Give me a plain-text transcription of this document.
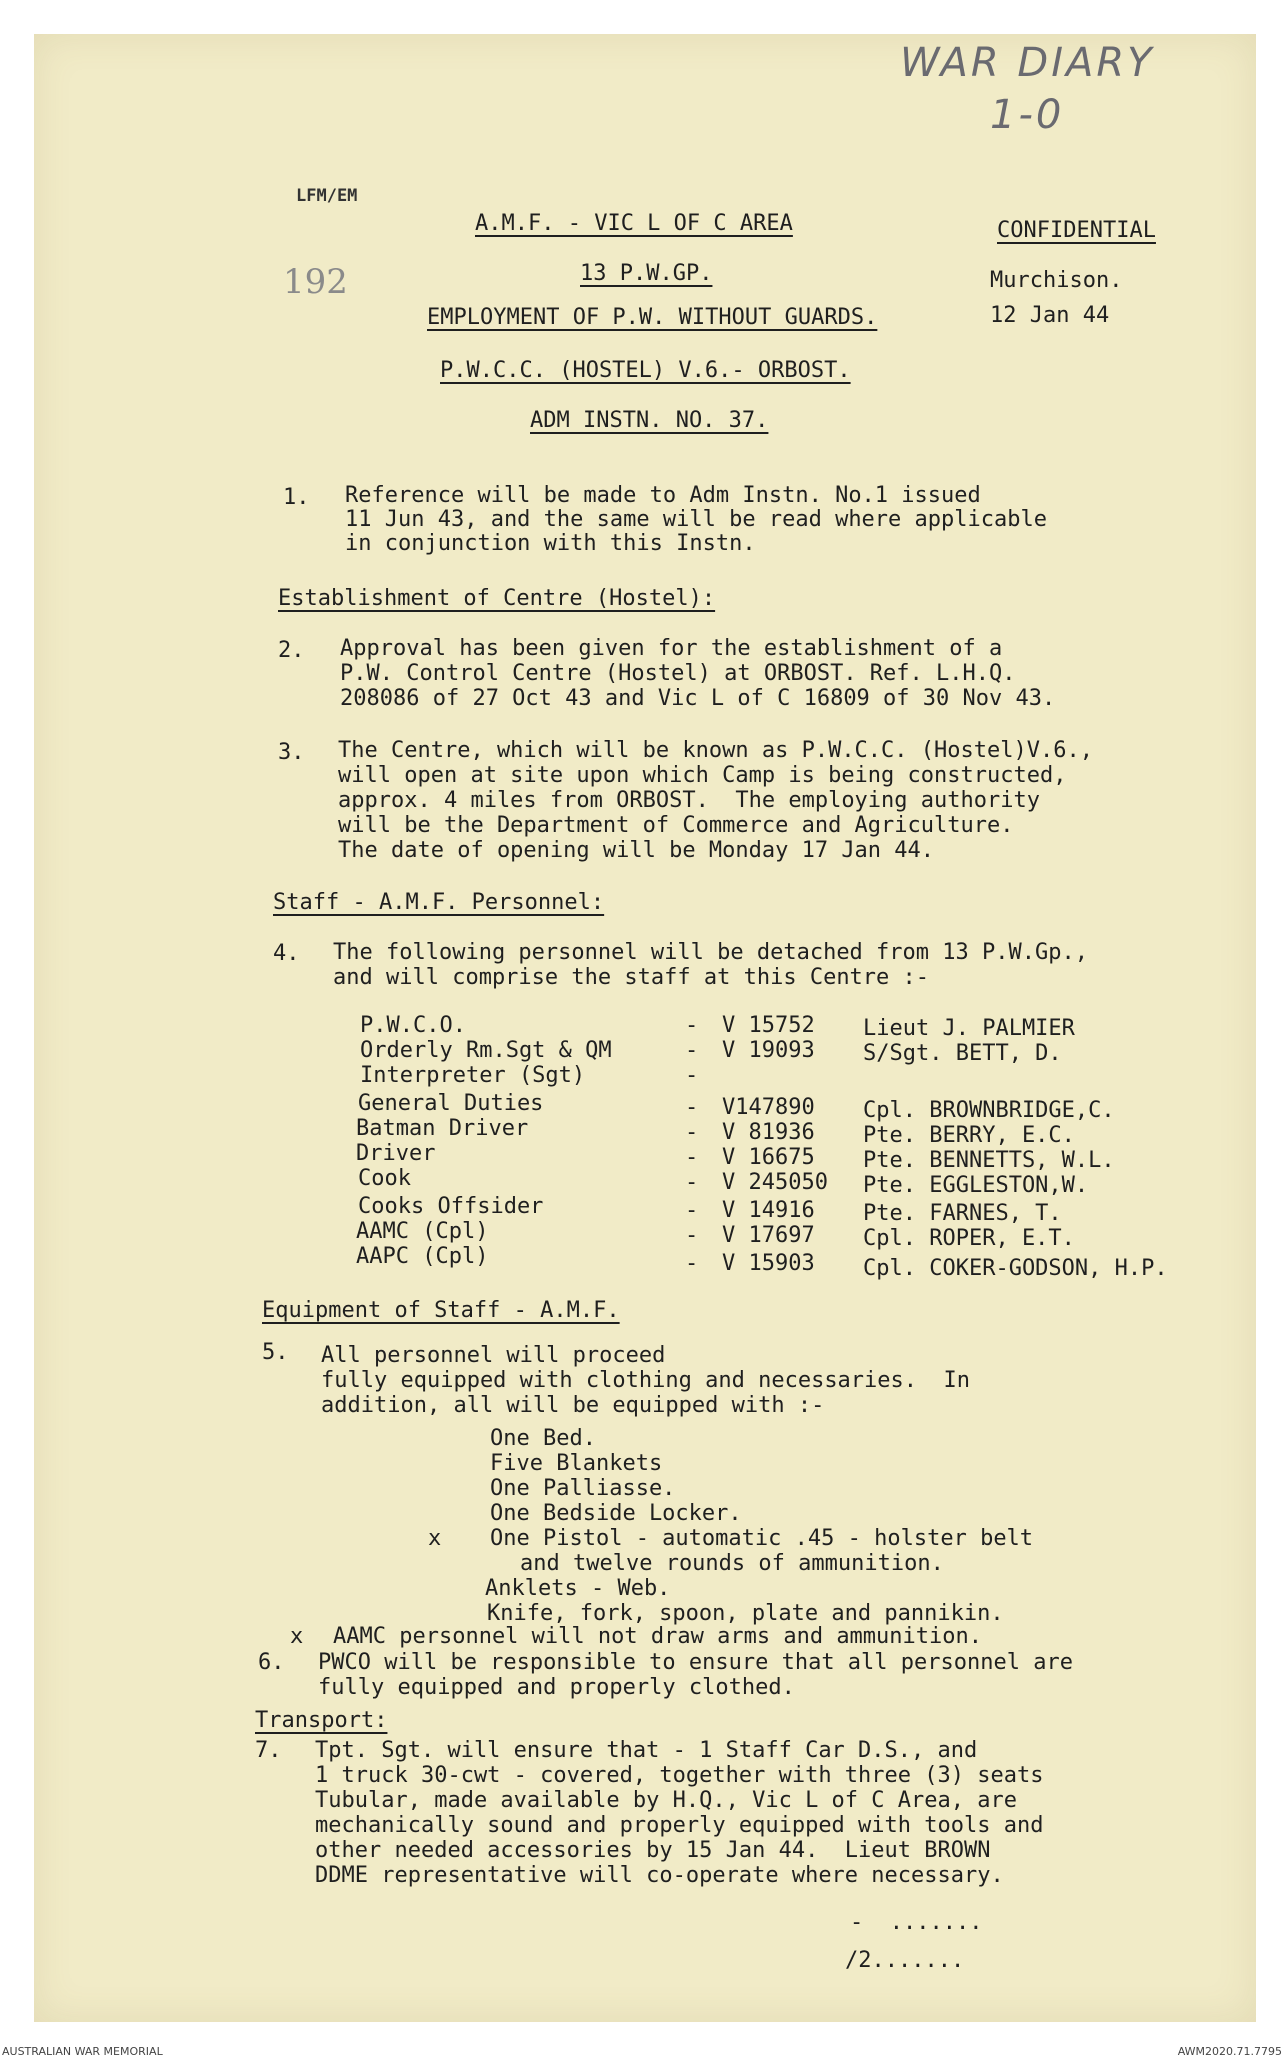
WAR DIARY
1-0
192
LFM/EM
A.M.F. - VIC L OF C AREA
13 P.W.GP.
EMPLOYMENT OF P.W. WITHOUT GUARDS.
P.W.C.C. (HOSTEL) V.6.- ORBOST.
ADM INSTN. NO. 37.
CONFIDENTIAL
Murchison.
12 Jan 44
1. Reference will be made to Adm Instn. No.1 issued
11 Jun 43, and the same will be read where applicable
in conjunction with this Instn.
Establishment of Centre (Hostel):
2. Approval has been given for the establishment of a
P.W. Control Centre (Hostel) at ORBOST. Ref. L.H.Q.
208086 of 27 Oct 43 and Vic L of C 16809 of 30 Nov 43.
3. The Centre, which will be known as P.W.C.C. (Hostel)V.6.,
will open at site upon which Camp is being constructed,
approx. 4 miles from ORBOST.  The employing authority
will be the Department of Commerce and Agriculture.
The date of opening will be Monday 17 Jan 44.
Staff - A.M.F. Personnel:
4. The following personnel will be detached from 13 P.W.Gp.,
and will comprise the staff at this Centre :-
P.W.C.O.	- V 15752 Lieut J. PALMIER
Orderly Rm.Sgt & QM	- V 19093 S/Sgt. BETT, D.
Interpreter (Sgt)	-
General Duties	- V147890 Cpl. BROWNBRIDGE,C.
Batman Driver	- V 81936 Pte. BERRY, E.C.
Driver	- V 16675 Pte. BENNETTS, W.L.
Cook	- V 245050 Pte. EGGLESTON,W.
Cooks Offsider	- V 14916 Pte. FARNES, T.
AAMC (Cpl)	- V 17697 Cpl. ROPER, E.T.
AAPC (Cpl)	- V 15903 Cpl. COKER-GODSON, H.P.
Equipment of Staff - A.M.F.
5. All personnel will proceed
fully equipped with clothing and necessaries.  In
addition, all will be equipped with :-
One Bed.
Five Blankets
One Palliasse.
One Bedside Locker.
x One Pistol - automatic .45 - holster belt
and twelve rounds of ammunition.
Anklets - Web.
Knife, fork, spoon, plate and pannikin.
x AAMC personnel will not draw arms and ammunition.
6. PWCO will be responsible to ensure that all personnel are
fully equipped and properly clothed.
Transport:
7. Tpt. Sgt. will ensure that - 1 Staff Car D.S., and
1 truck 30-cwt - covered, together with three (3) seats
Tubular, made available by H.Q., Vic L of C Area, are
mechanically sound and properly equipped with tools and
other needed accessories by 15 Jan 44.  Lieut BROWN
DDME representative will co-operate where necessary.
-  .......
/2.......
AUSTRALIAN WAR MEMORIAL	AWM2020.71.7795
